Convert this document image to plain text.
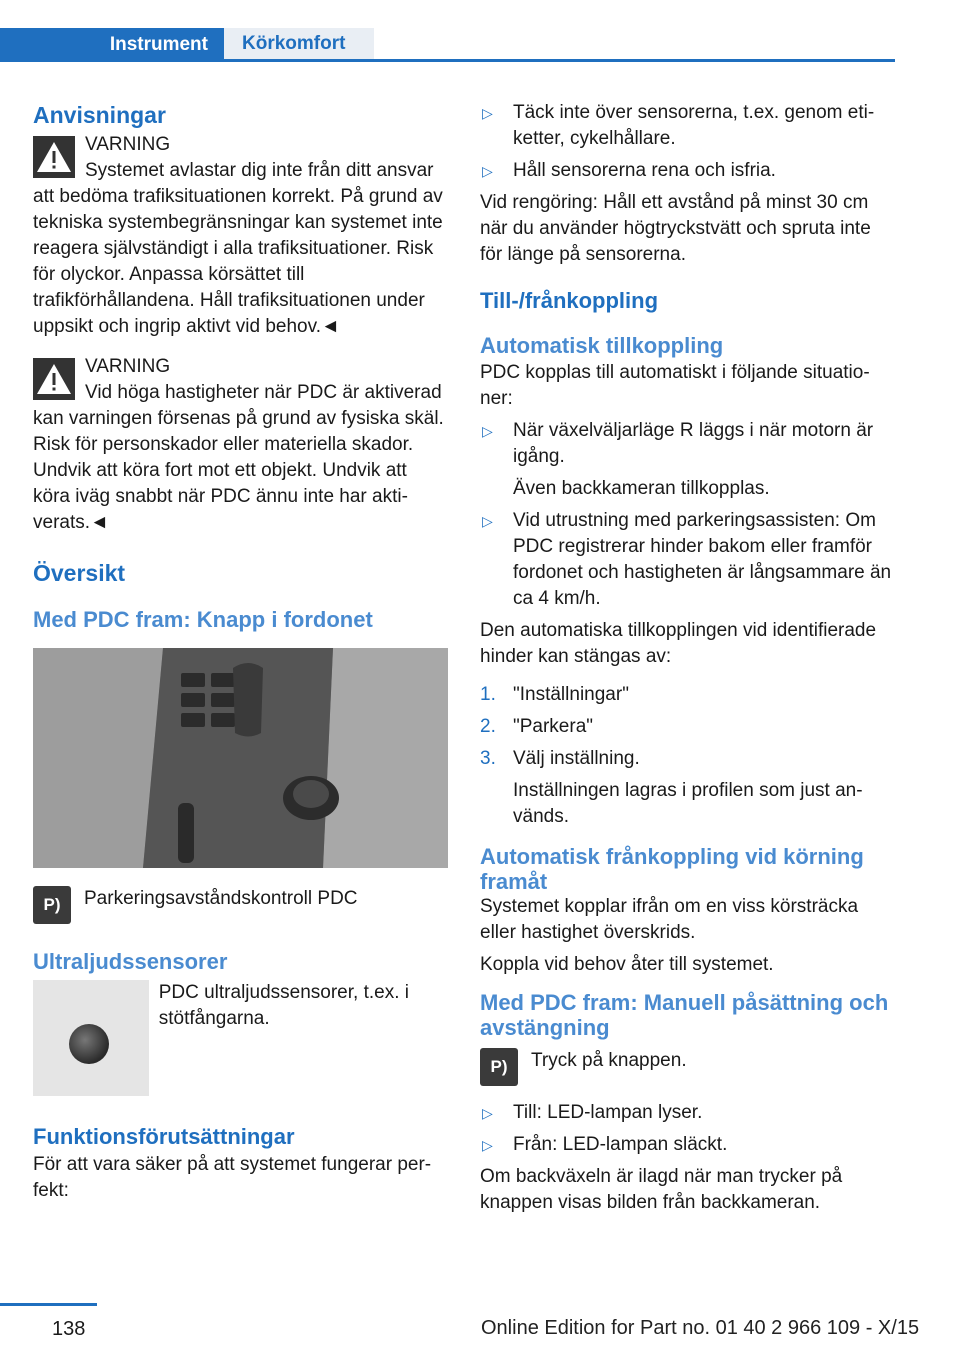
Instrument	Körkomfort
Anvisningar
VARNING
Systemet avlastar dig inte från ditt ansvar att bedöma trafiksituationen korrekt. På grund av tekniska systembegränsningar kan systemet inte reagera självständigt i alla trafiksituationer. Risk för olyckor. Anpassa körsättet till trafikförhållandena. Håll trafiksituationen under uppsikt och ingrip aktivt vid behov.◄
VARNING
Vid höga hastigheter när PDC är aktiverad kan varningen försenas på grund av fysiska skäl. Risk för personskador eller materiella skador. Undvik att köra fort mot ett objekt. Undvik att köra iväg snabbt när PDC ännu inte har aktiverats.◄
Översikt
Med PDC fram: Knapp i fordonet
P)	Parkeringsavståndskontroll PDC
Ultraljudssensorer
PDC ultraljudssensorer, t.ex. i stötfångarna.
Funktionsförutsättningar
För att vara säker på att systemet fungerar perfekt:
▷ Täck inte över sensorerna, t.ex. genom etiketter, cykelhållare.
▷ Håll sensorerna rena och isfria.
Vid rengöring: Håll ett avstånd på minst 30 cm när du använder högtryckstvätt och spruta inte för länge på sensorerna.
Till-/frånkoppling
Automatisk tillkoppling
PDC kopplas till automatiskt i följande situationer:
▷ När växelväljarläge R läggs i när motorn är igång.
Även backkameran tillkopplas.
▷ Vid utrustning med parkeringsassisten: Om PDC registrerar hinder bakom eller framför fordonet och hastigheten är långsammare än ca 4 km/h.
Den automatiska tillkopplingen vid identifierade hinder kan stängas av:
1. "Inställningar"
2. "Parkera"
3. Välj inställning.
Inställningen lagras i profilen som just används.
Automatisk frånkoppling vid körning framåt
Systemet kopplar ifrån om en viss körsträcka eller hastighet överskrids.
Koppla vid behov åter till systemet.
Med PDC fram: Manuell påsättning och avstängning
P)	Tryck på knappen.
▷ Till: LED-lampan lyser.
▷ Från: LED-lampan släckt.
Om backväxeln är ilagd när man trycker på knappen visas bilden från backkameran.
138	Online Edition for Part no. 01 40 2 966 109 - X/15
